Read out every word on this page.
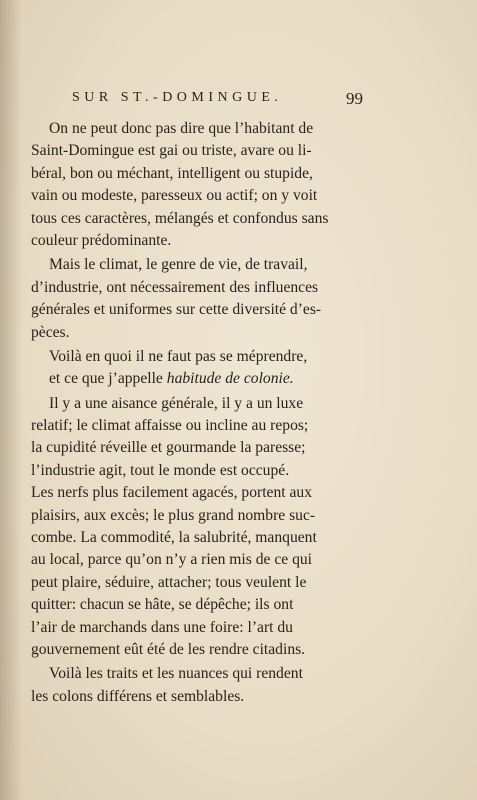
SUR ST.-DOMINGUE.	99
On ne peut donc pas dire que l’habitant de
Saint-Domingue est gai ou triste, avare ou li-
béral, bon ou méchant, intelligent ou stupide,
vain ou modeste, paresseux ou actif; on y voit
tous ces caractères, mélangés et confondus sans
couleur prédominante.
Mais le climat, le genre de vie, de travail,
d’industrie, ont nécessairement des influences
générales et uniformes sur cette diversité d’es-
pèces.
Voilà en quoi il ne faut pas se méprendre,
et ce que j’appelle habitude de colonie.
Il y a une aisance générale, il y a un luxe
relatif; le climat affaisse ou incline au repos;
la cupidité réveille et gourmande la paresse;
l’industrie agit, tout le monde est occupé.
Les nerfs plus facilement agacés, portent aux
plaisirs, aux excès; le plus grand nombre suc-
combe. La commodité, la salubrité, manquent
au local, parce qu’on n’y a rien mis de ce qui
peut plaire, séduire, attacher; tous veulent le
quitter: chacun se hâte, se dépêche; ils ont
l’air de marchands dans une foire: l’art du
gouvernement eût été de les rendre citadins.
Voilà les traits et les nuances qui rendent
les colons différens et semblables.
